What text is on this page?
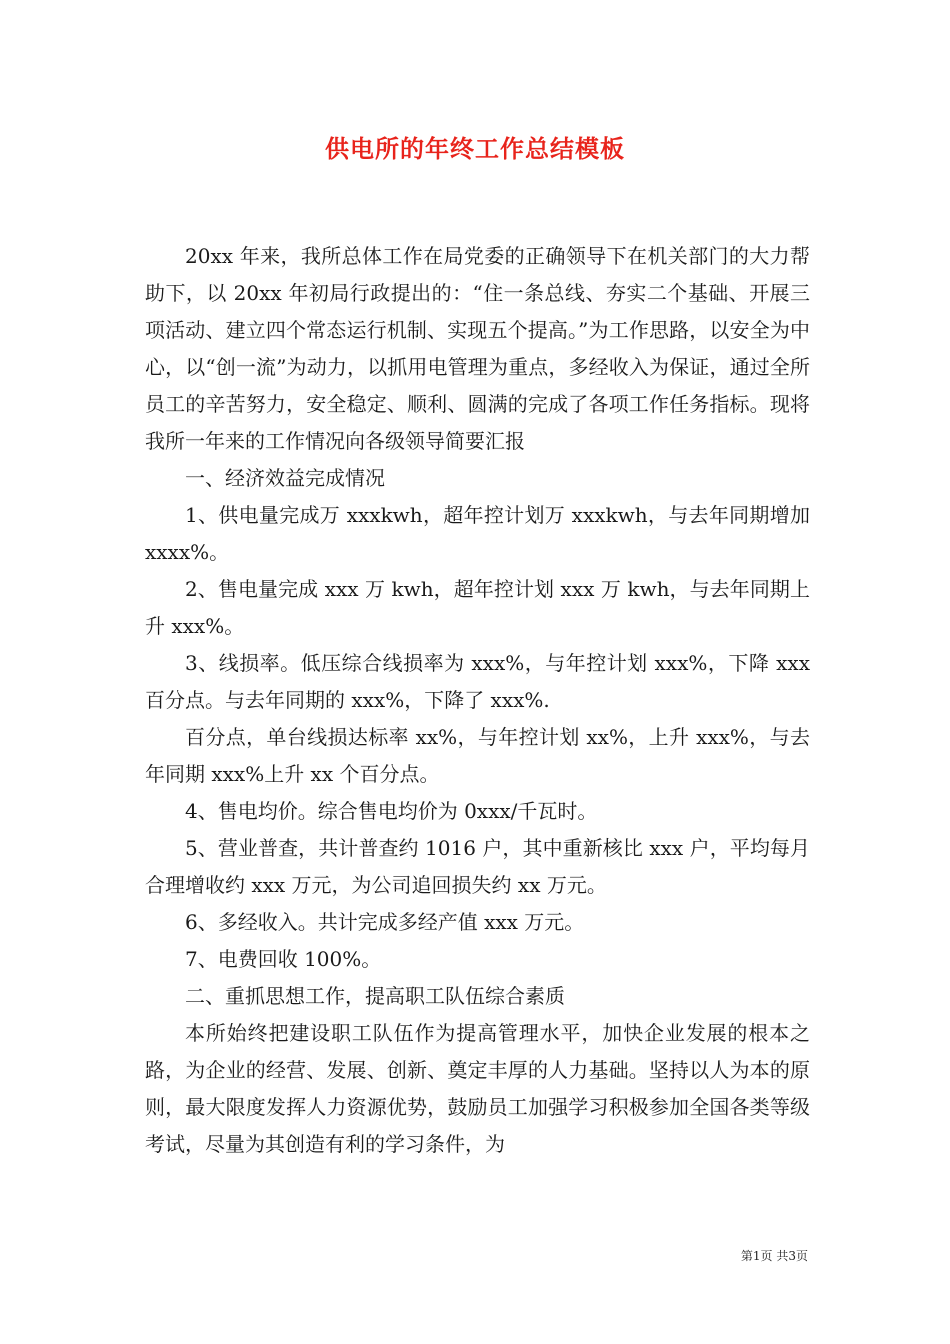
供电所的年终工作总结模板

20xx 年来，我所总体工作在局党委的正确领导下在机关部门的大力帮助下，以 20xx 年初局行政提出的：“住一条总线、夯实二个基础、开展三项活动、建立四个常态运行机制、实现五个提高。”为工作思路，以安全为中心，以“创一流”为动力，以抓用电管理为重点，多经收入为保证，通过全所员工的辛苦努力，安全稳定、顺利、圆满的完成了各项工作任务指标。现将我所一年来的工作情况向各级领导简要汇报

一、经济效益完成情况

1、供电量完成万 xxxkwh，超年控计划万 xxxkwh，与去年同期增加 xxxx%。

2、售电量完成 xxx 万 kwh，超年控计划 xxx 万 kwh，与去年同期上升 xxx%。

3、线损率。低压综合线损率为 xxx%，与年控计划 xxx%，下降 xxx 百分点。与去年同期的 xxx%，下降了 xxx%.

百分点，单台线损达标率 xx%，与年控计划 xx%，上升 xxx%，与去年同期 xxx%上升 xx 个百分点。

4、售电均价。综合售电均价为 0xxx/千瓦时。

5、营业普查，共计普查约 1016 户，其中重新核比 xxx 户，平均每月合理增收约 xxx 万元，为公司追回损失约 xx 万元。

6、多经收入。共计完成多经产值 xxx 万元。

7、电费回收 100%。

二、重抓思想工作，提高职工队伍综合素质

本所始终把建设职工队伍作为提高管理水平，加快企业发展的根本之路，为企业的经营、发展、创新、奠定丰厚的人力基础。坚持以人为本的原则，最大限度发挥人力资源优势，鼓励员工加强学习积极参加全国各类等级考试，尽量为其创造有利的学习条件，为

第1页 共3页
